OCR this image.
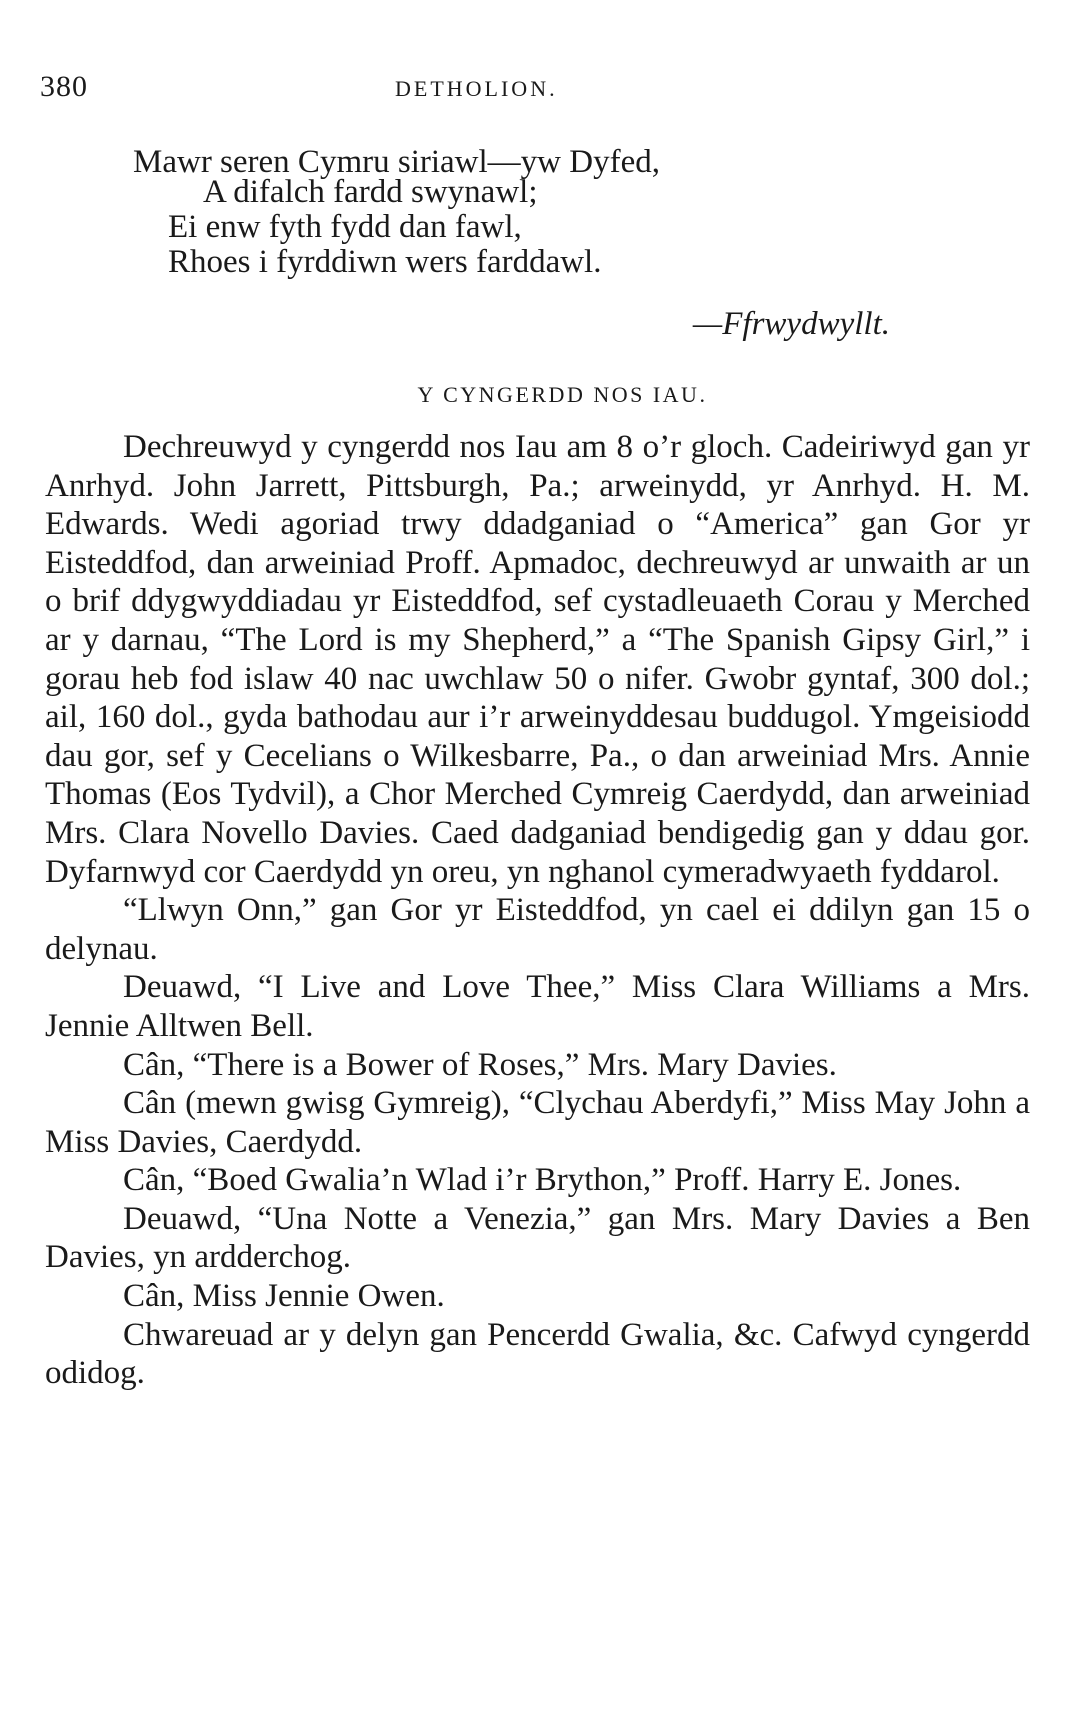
380	DETHOLION.
Mawr seren Cymru siriawl—yw Dyfed,
A difalch fardd swynawl;
Ei enw fyth fydd dan fawl,
Rhoes i fyrddiwn wers farddawl.
—Ffrwydwyllt.
Y CYNGERDD NOS IAU.

Dechreuwyd y cyngerdd nos Iau am 8 o’r gloch. Cadeiriwyd gan yr Anrhyd. John Jarrett, Pittsburgh, Pa.; arweinydd, yr Anrhyd. H. M. Edwards. Wedi agoriad trwy ddadganiad o “America” gan Gor yr Eisteddfod, dan arweiniad Proff. Apmadoc, dechreuwyd ar unwaith ar un o brif ddygwyddiadau yr Eisteddfod, sef cystadleuaeth Corau y Merched ar y darnau, “The Lord is my Shepherd,” a “The Spanish Gipsy Girl,” i gorau heb fod islaw 40 nac uwchlaw 50 o nifer. Gwobr gyntaf, 300 dol.; ail, 160 dol., gyda bathodau aur i’r arweinyddesau buddugol. Ymgeisiodd dau gor, sef y Cecelians o Wilkesbarre, Pa., o dan arweiniad Mrs. Annie Thomas (Eos Tydvil), a Chor Merched Cymreig Caerdydd, dan arweiniad Mrs. Clara Novello Davies. Caed dadganiad bendigedig gan y ddau gor. Dyfarnwyd cor Caerdydd yn oreu, yn nghanol cymeradwyaeth fyddarol.

“Llwyn Onn,” gan Gor yr Eisteddfod, yn cael ei ddilyn gan 15 o delynau.

Deuawd, “I Live and Love Thee,” Miss Clara Williams a Mrs. Jennie Alltwen Bell.

Cân, “There is a Bower of Roses,” Mrs. Mary Davies.

Cân (mewn gwisg Gymreig), “Clychau Aberdyfi,” Miss May John a Miss Davies, Caerdydd.

Cân, “Boed Gwalia’n Wlad i’r Brython,” Proff. Harry E. Jones.

Deuawd, “Una Notte a Venezia,” gan Mrs. Mary Davies a Ben Davies, yn ardderchog.

Cân, Miss Jennie Owen.

Chwareuad ar y delyn gan Pencerdd Gwalia, &c. Cafwyd cyngerdd odidog.
